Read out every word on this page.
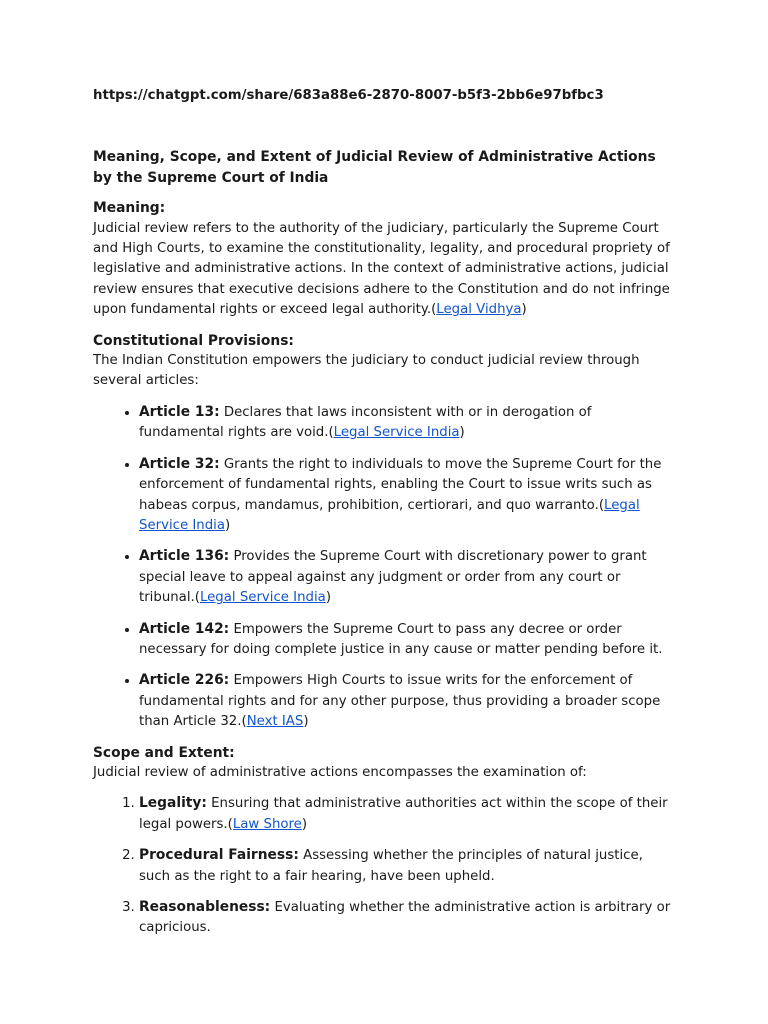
https://chatgpt.com/share/683a88e6-2870-8007-b5f3-2bb6e97bfbc3
Meaning, Scope, and Extent of Judicial Review of Administrative Actions by the Supreme Court of India
Meaning:

Judicial review refers to the authority of the judiciary, particularly the Supreme Court and High Courts, to examine the constitutionality, legality, and procedural propriety of legislative and administrative actions. In the context of administrative actions, judicial review ensures that executive decisions adhere to the Constitution and do not infringe upon fundamental rights or exceed legal authority.(Legal Vidhya)

Constitutional Provisions:

The Indian Constitution empowers the judiciary to conduct judicial review through several articles:

• Article 13: Declares that laws inconsistent with or in derogation of fundamental rights are void.(Legal Service India)
• Article 32: Grants the right to individuals to move the Supreme Court for the enforcement of fundamental rights, enabling the Court to issue writs such as habeas corpus, mandamus, prohibition, certiorari, and quo warranto.(Legal Service India)
• Article 136: Provides the Supreme Court with discretionary power to grant special leave to appeal against any judgment or order from any court or tribunal.(Legal Service India)
• Article 142: Empowers the Supreme Court to pass any decree or order necessary for doing complete justice in any cause or matter pending before it.
• Article 226: Empowers High Courts to issue writs for the enforcement of fundamental rights and for any other purpose, thus providing a broader scope than Article 32.(Next IAS)
Scope and Extent:

Judicial review of administrative actions encompasses the examination of:

1. Legality: Ensuring that administrative authorities act within the scope of their legal powers.(Law Shore)
2. Procedural Fairness: Assessing whether the principles of natural justice, such as the right to a fair hearing, have been upheld.
3. Reasonableness: Evaluating whether the administrative action is arbitrary or capricious.
